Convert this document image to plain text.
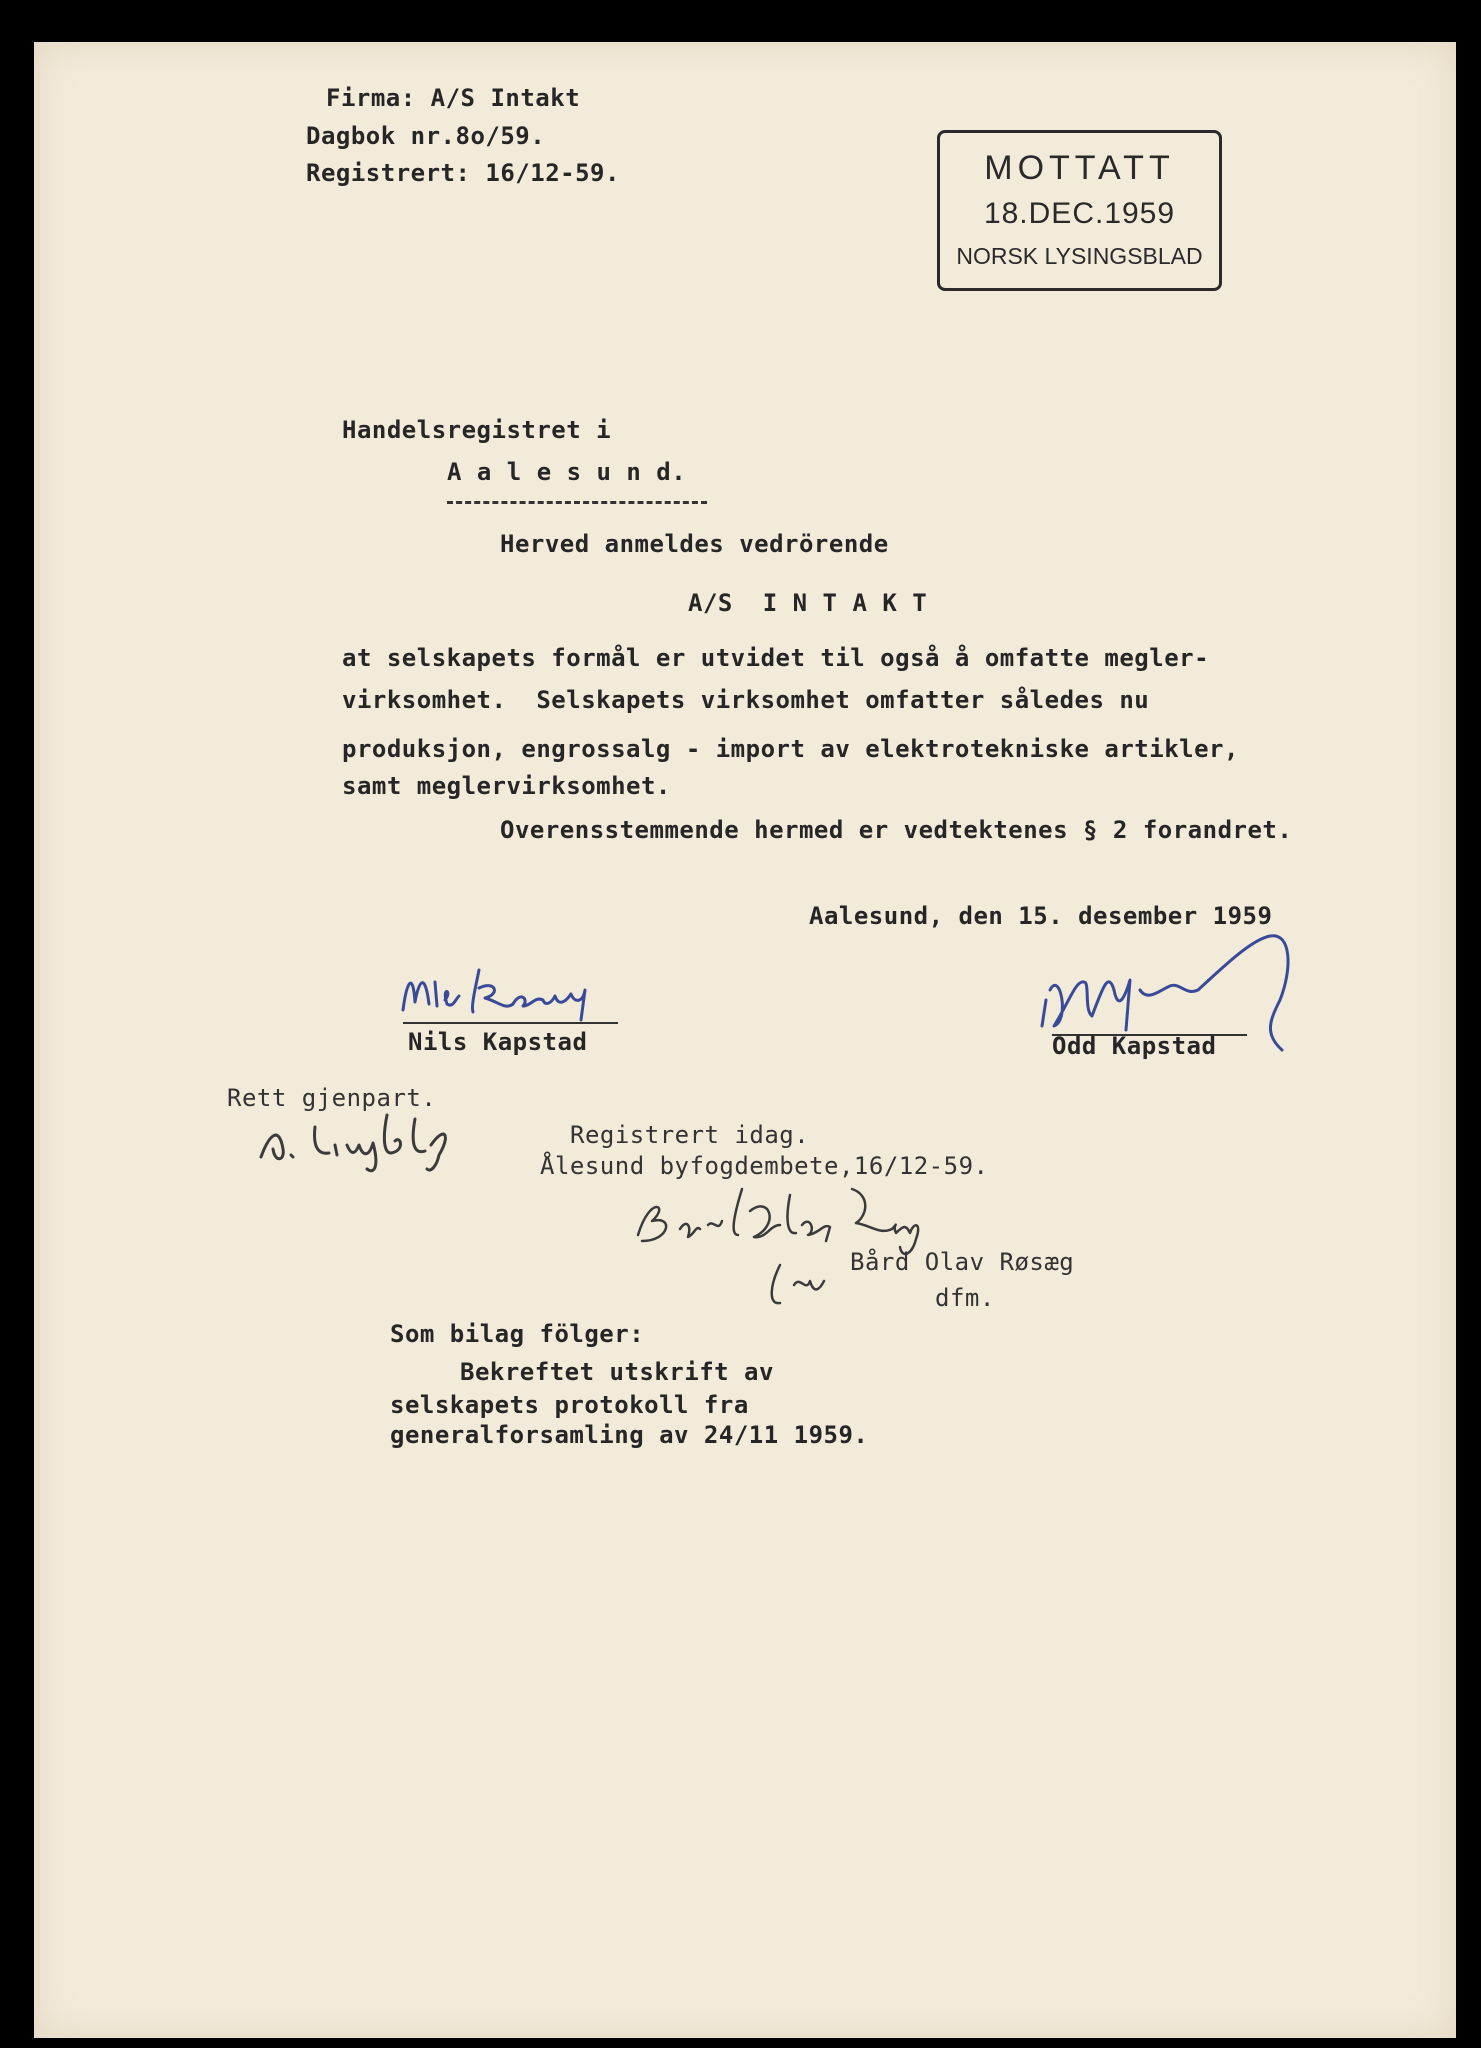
Firma: A/S Intakt
Dagbok nr.8o/59.
Registrert: 16/12-59.	MOTTATT
18.DEC.1959
NORSK LYSINGSBLAD
Handelsregistret i
A a l e s u n d.
Herved anmeldes vedrörende
A/S  I N T A K T
at selskapets formål er utvidet til også å omfatte megler-
virksomhet.  Selskapets virksomhet omfatter således nu
produksjon, engrossalg - import av elektrotekniske artikler,
samt meglervirksomhet.
Overensstemmende hermed er vedtektenes § 2 forandret.
Aalesund, den 15. desember 1959
Nils Kapstad	Odd Kapstad
Rett gjenpart.
Registrert idag.
Ålesund byfogdembete,16/12-59.
Bård Olav Røsæg
dfm.
Som bilag fölger:
Bekreftet utskrift av
selskapets protokoll fra
generalforsamling av 24/11 1959.
